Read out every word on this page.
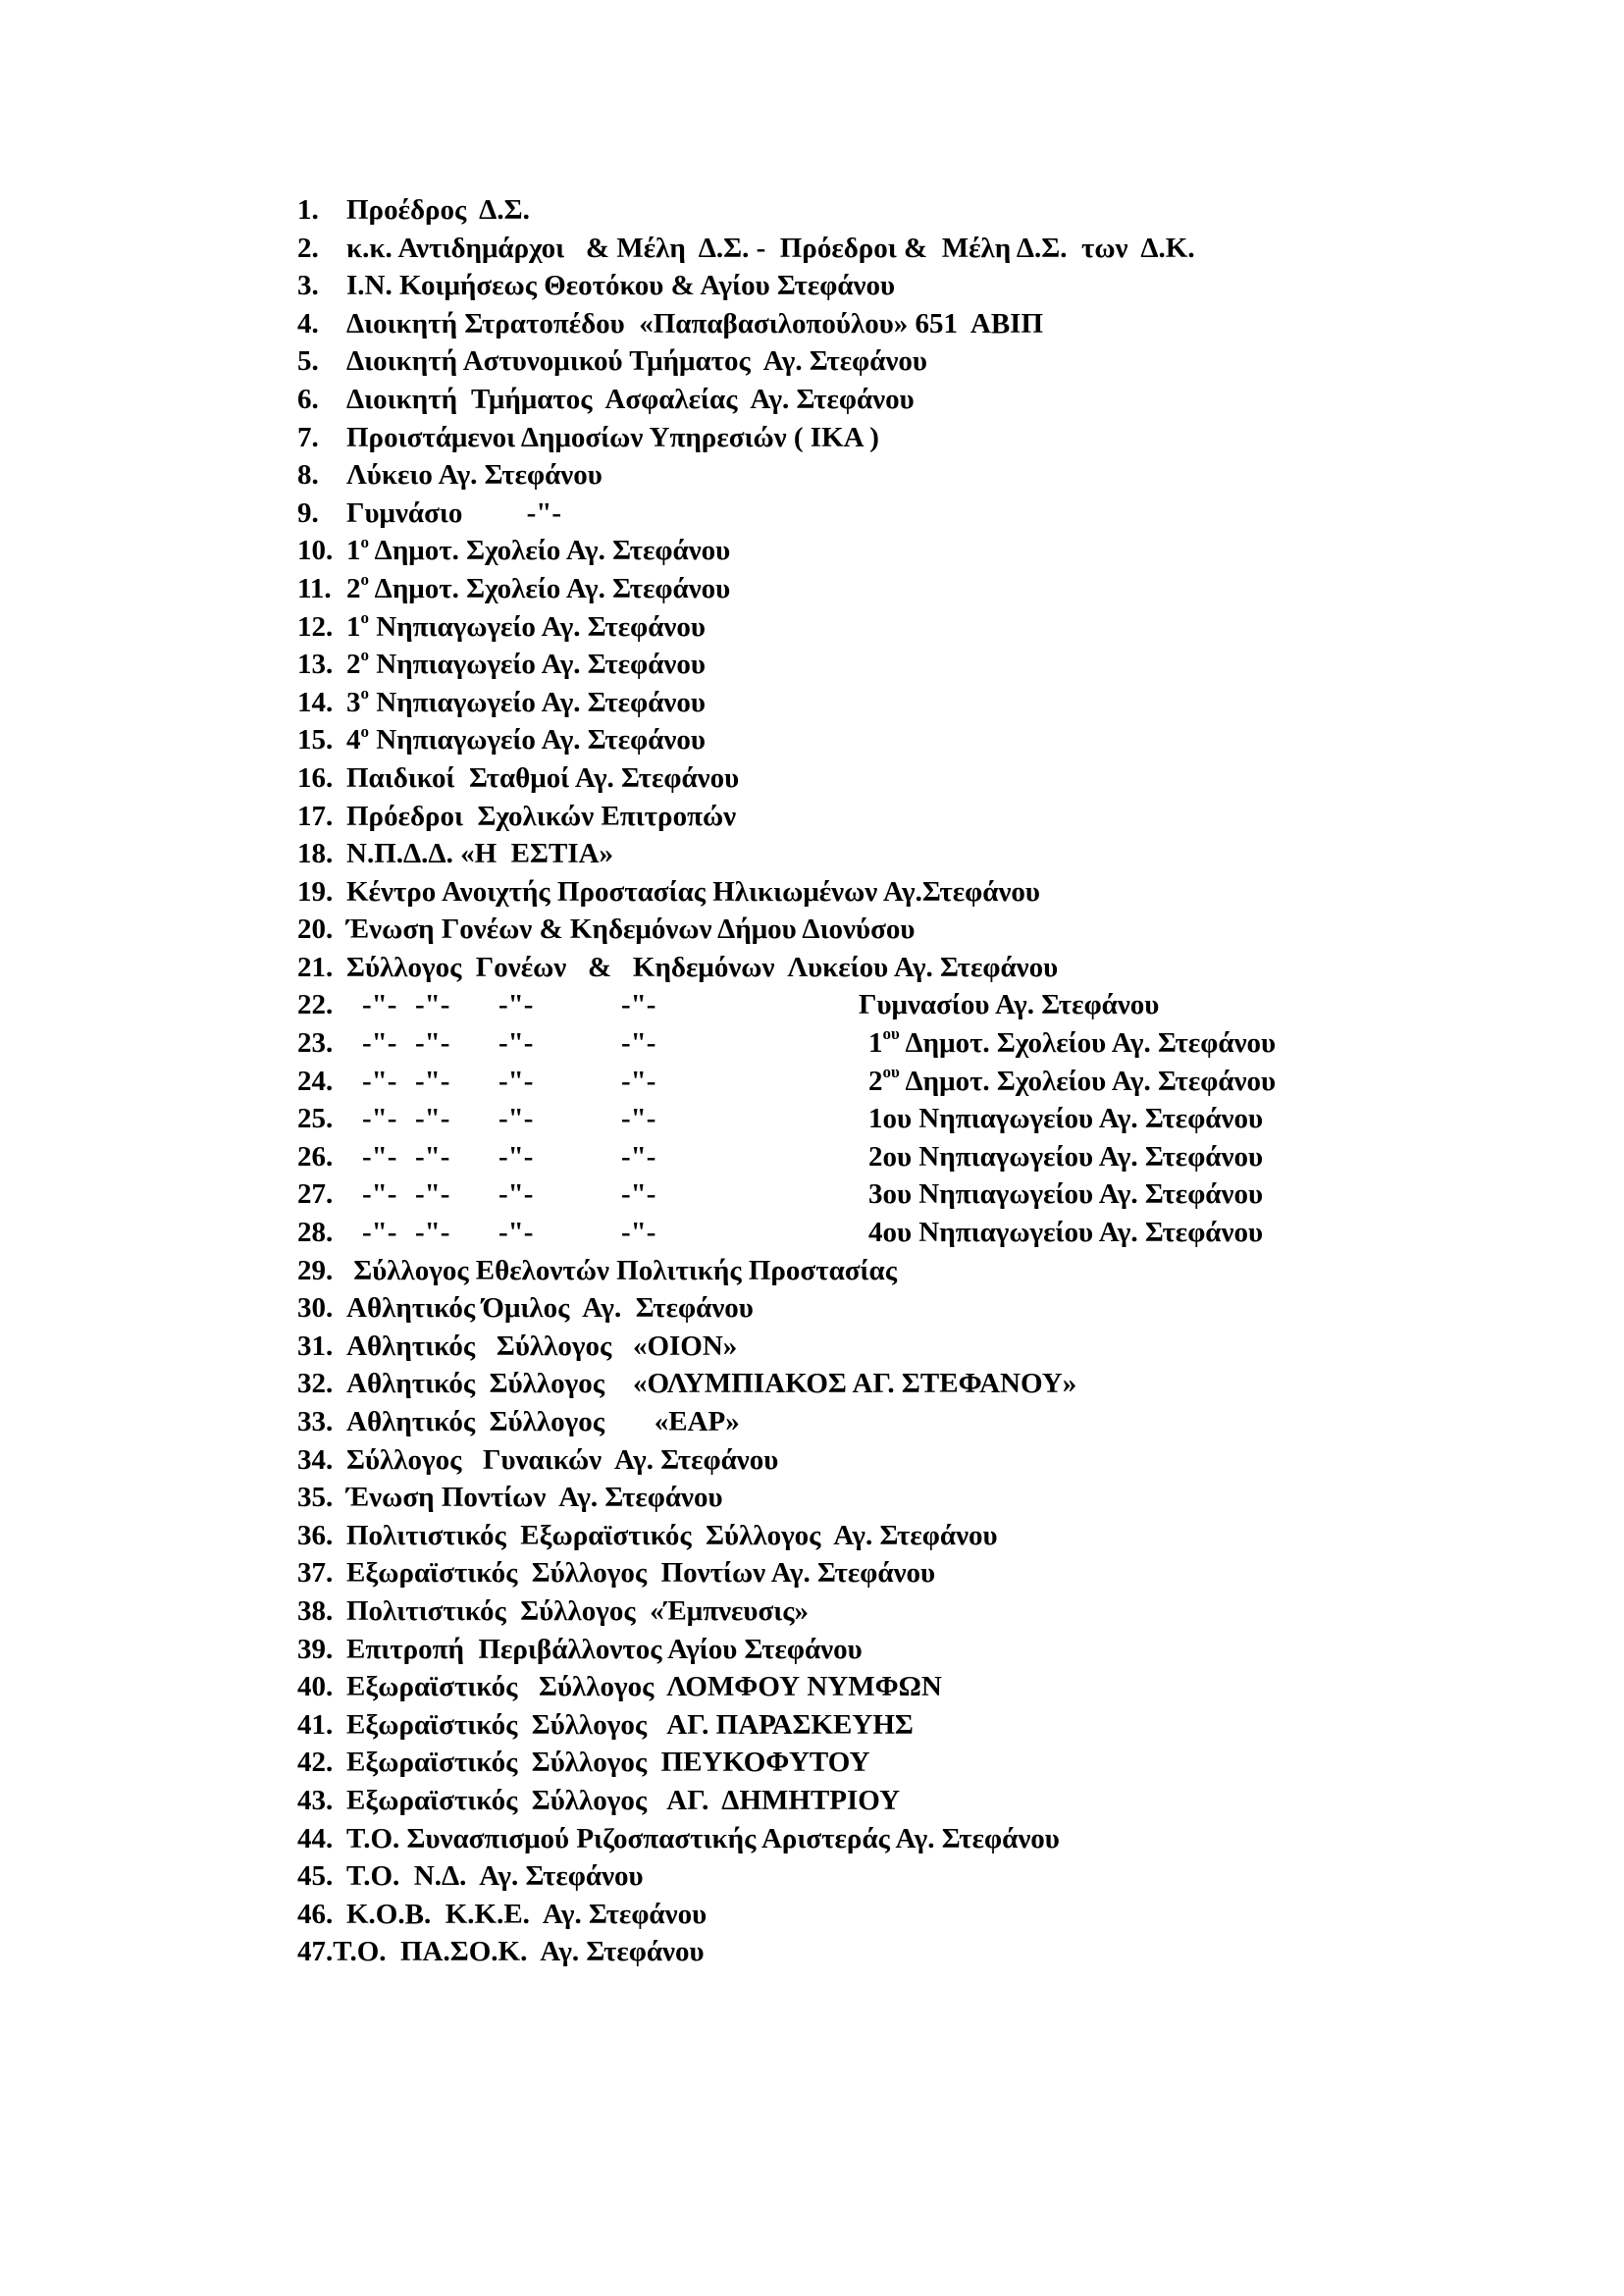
1. Προέδρος  Δ.Σ.
2. κ.κ. Αντιδημάρχοι   & Μέλη  Δ.Σ. -  Πρόεδροι &  Μέλη Δ.Σ.  των  Δ.Κ.
3. Ι.Ν. Κοιμήσεως Θεοτόκου & Αγίου Στεφάνου
4. Διοικητή Στρατοπέδου  «Παπαβασιλοπούλου» 651  ΑΒΙΠ
5. Διοικητή Αστυνομικού Τμήματος  Αγ. Στεφάνου
6. Διοικητή  Τμήματος  Ασφαλείας  Αγ. Στεφάνου
7. Προιστάμενοι Δημοσίων Υπηρεσιών ( ΙΚΑ )
8. Λύκειο Αγ. Στεφάνου
9. Γυμνάσιο         -"-
10. $1^o$ Δημοτ. Σχολείο Αγ. Στεφάνου
11. $2^o$ Δημοτ. Σχολείο Αγ. Στεφάνου
12. $1^o$ Νηπιαγωγείο Αγ. Στεφάνου
13. $2^o$ Νηπιαγωγείο Αγ. Στεφάνου
14. $3^o$ Νηπιαγωγείο Αγ. Στεφάνου
15. $4^o$ Νηπιαγωγείο Αγ. Στεφάνου
16. Παιδικοί  Σταθμοί Αγ. Στεφάνου
17. Πρόεδροι  Σχολικών Επιτροπών
18. Ν.Π.Δ.Δ. «Η  ΕΣΤΙΑ»
19. Κέντρο Ανοιχτής Προστασίας Ηλικιωμένων Αγ.Στεφάνου
20. Ένωση Γονέων & Κηδεμόνων Δήμου Διονύσου
21. Σύλλογος  Γονέων   &   Κηδεμόνων  Λυκείου Αγ. Στεφάνου
22. -"- -"- -"-	-"-	Γυμνασίου Αγ. Στεφάνου
23. -"- -"- -"-	-"-	$1^{o\upsilon}$ Δημοτ. Σχολείου Αγ. Στεφάνου
24. -"- -"- -"-	-"-	$2^{o\upsilon}$ Δημοτ. Σχολείου Αγ. Στεφάνου
25. -"- -"- -"-	-"-	1ου Νηπιαγωγείου Αγ. Στεφάνου
26. -"- -"- -"-	-"-	2ου Νηπιαγωγείου Αγ. Στεφάνου
27. -"- -"- -"-	-"-	3ου Νηπιαγωγείου Αγ. Στεφάνου
28. -"- -"- -"-	-"-	4ου Νηπιαγωγείου Αγ. Στεφάνου
29. Σύλλογος Εθελοντών Πολιτικής Προστασίας
30. Αθλητικός Όμιλος  Αγ.  Στεφάνου
31. Αθλητικός   Σύλλογος   «ΟΙΟΝ»
32. Αθλητικός  Σύλλογος    «ΟΛΥΜΠΙΑΚΟΣ ΑΓ. ΣΤΕΦΑΝΟΥ»
33. Αθλητικός  Σύλλογος       «ΕΑΡ»
34. Σύλλογος   Γυναικών  Αγ. Στεφάνου
35. Ένωση Ποντίων  Αγ. Στεφάνου
36. Πολιτιστικός  Εξωραϊστικός  Σύλλογος  Αγ. Στεφάνου
37. Εξωραϊστικός  Σύλλογος  Ποντίων Αγ. Στεφάνου
38. Πολιτιστικός  Σύλλογος  «Έμπνευσις»
39. Επιτροπή  Περιβάλλοντος Αγίου Στεφάνου
40. Εξωραϊστικός   Σύλλογος  ΛΟΜΦΟΥ ΝΥΜΦΩΝ
41. Εξωραϊστικός  Σύλλογος   ΑΓ. ΠΑΡΑΣΚΕΥΗΣ
42. Εξωραϊστικός  Σύλλογος  ΠΕΥΚΟΦΥΤΟΥ
43. Εξωραϊστικός  Σύλλογος   ΑΓ.  ΔΗΜΗΤΡΙΟΥ
44. Τ.Ο. Συνασπισμού Ριζοσπαστικής Αριστεράς Αγ. Στεφάνου
45. Τ.Ο.  Ν.Δ.  Αγ. Στεφάνου
46. Κ.Ο.Β.  Κ.Κ.Ε.  Αγ. Στεφάνου
47.Τ.Ο.  ΠΑ.ΣΟ.Κ.  Αγ. Στεφάνου
